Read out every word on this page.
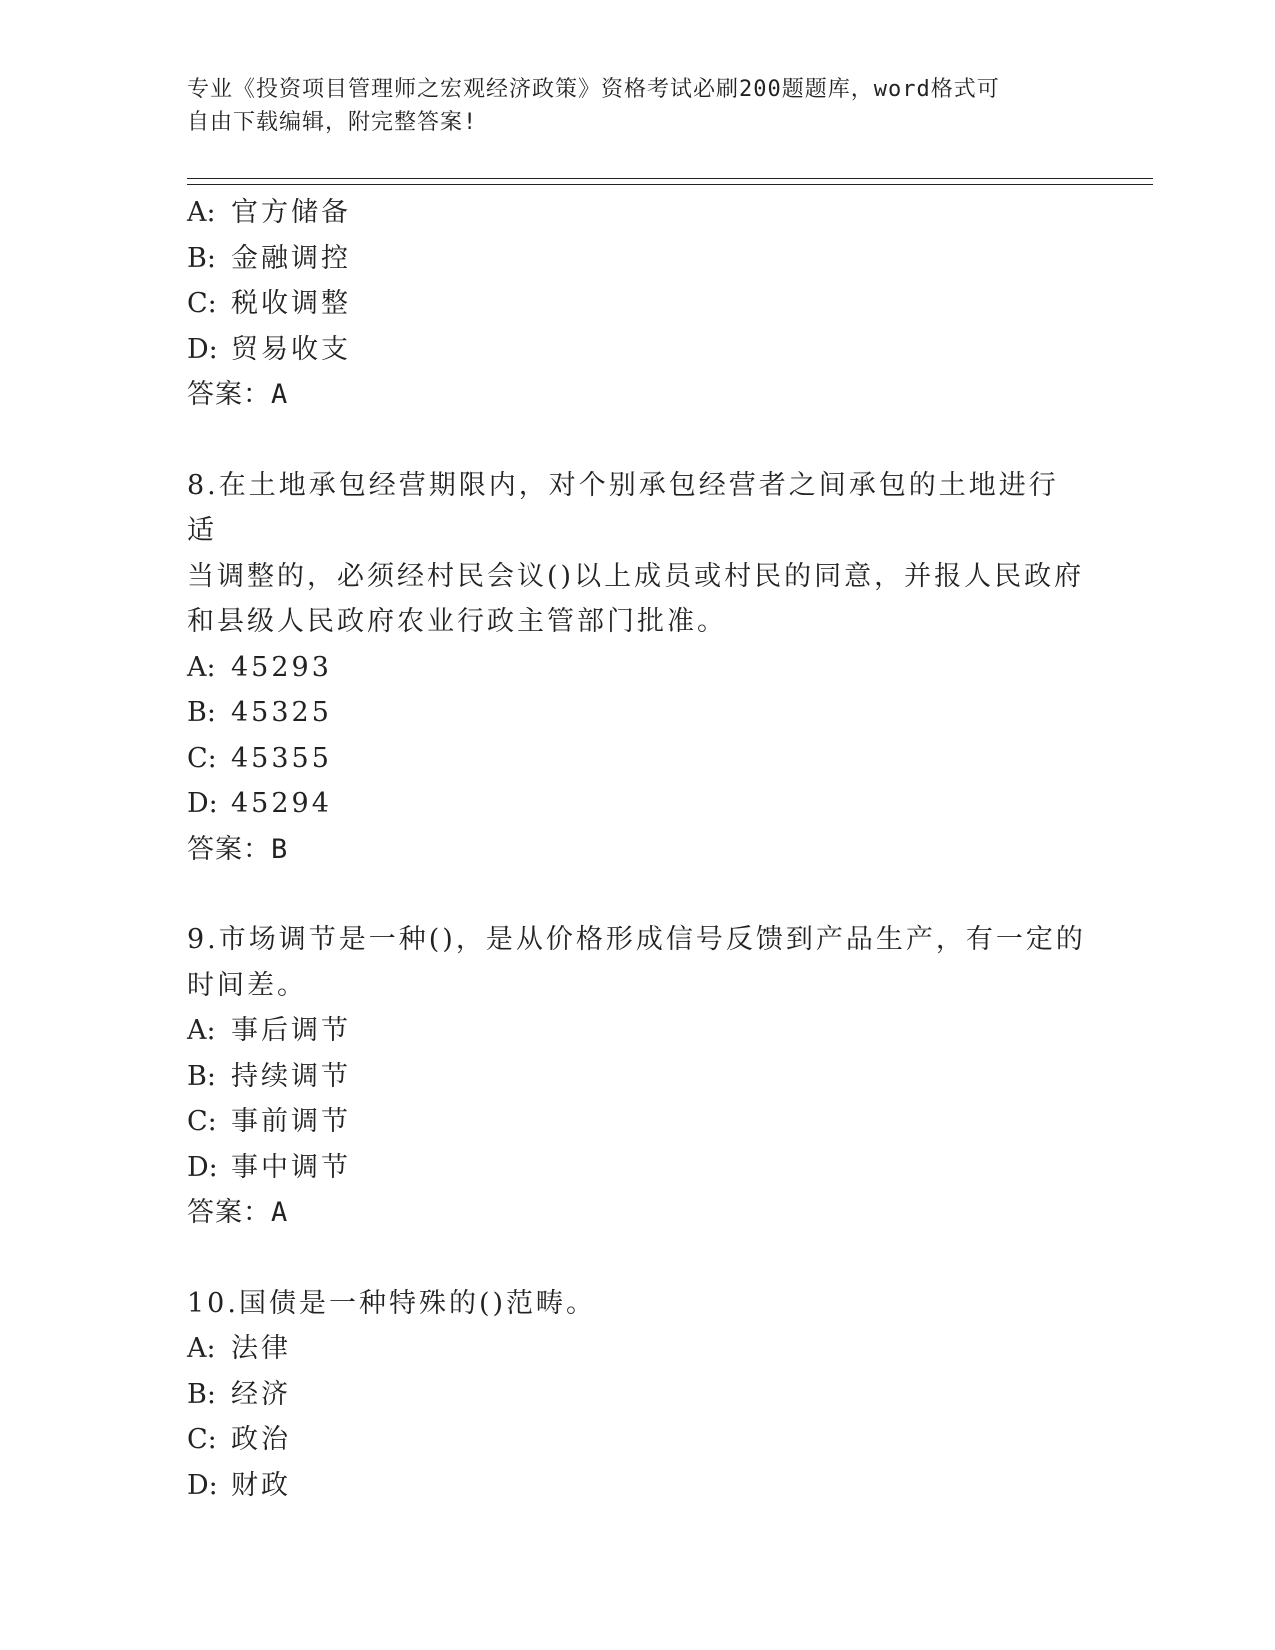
专业《投资项目管理师之宏观经济政策》资格考试必刷200题题库，word格式可
自由下载编辑，附完整答案!

A: 官方储备

B: 金融调控

C: 税收调整

D: 贸易收支

答案：A

8.在土地承包经营期限内，对个别承包经营者之间承包的土地进行适

当调整的，必须经村民会议()以上成员或村民的同意，并报人民政府

和县级人民政府农业行政主管部门批准。

A: 45293

B: 45325

C: 45355

D: 45294

答案：B

9.市场调节是一种()，是从价格形成信号反馈到产品生产，有一定的

时间差。

A: 事后调节

B: 持续调节

C: 事前调节

D: 事中调节

答案：A

10.国债是一种特殊的()范畴。

A: 法律

B: 经济

C: 政治

D: 财政
